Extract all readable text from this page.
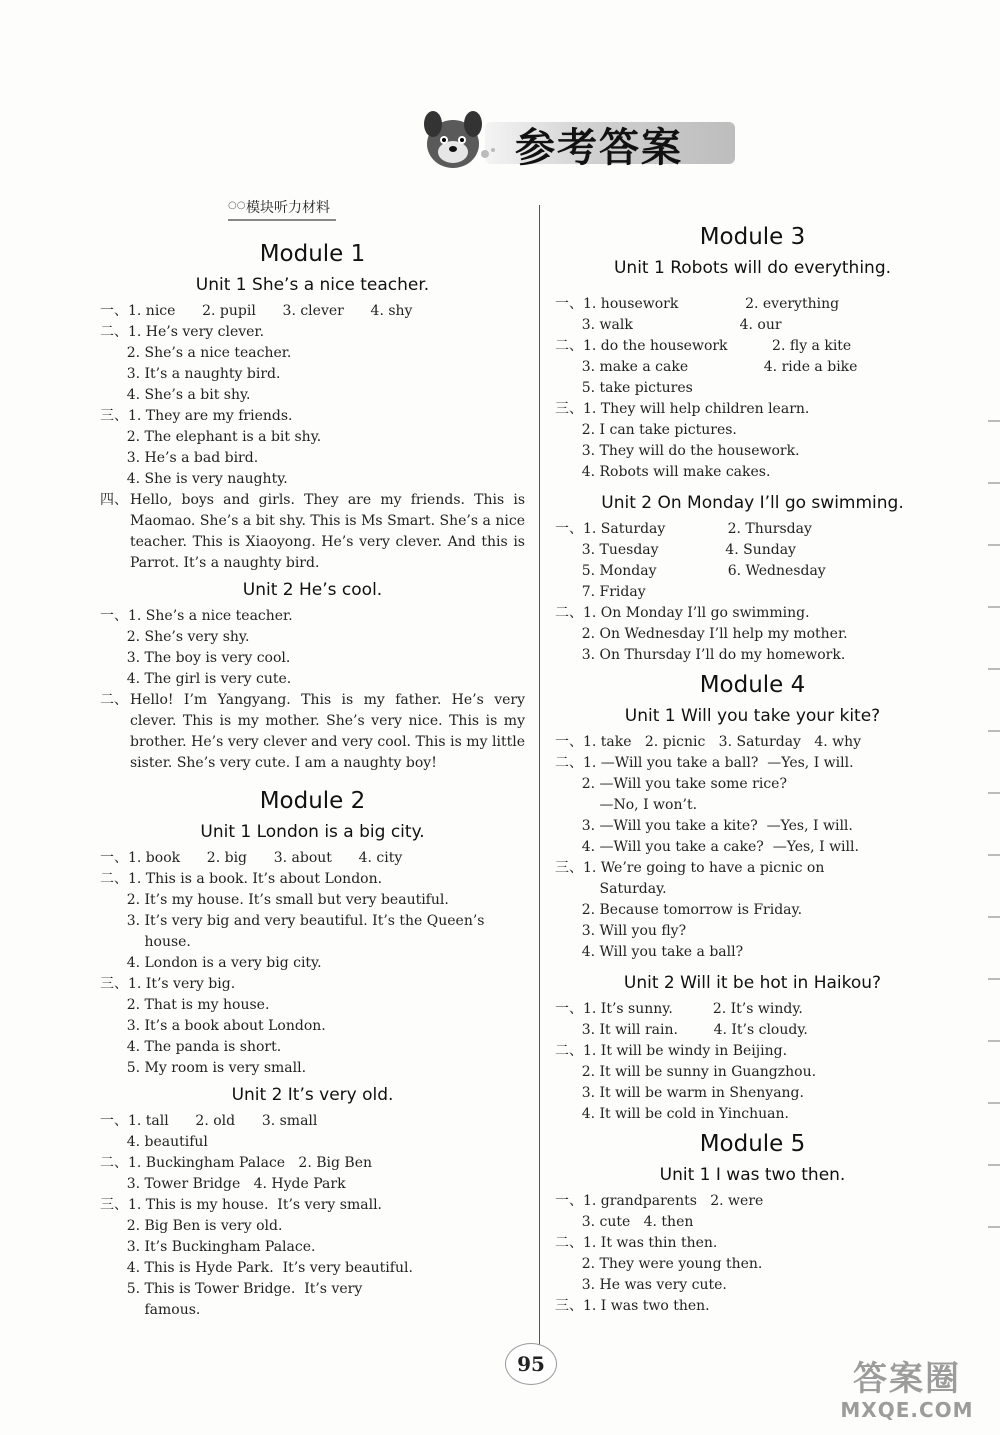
参考答案
○○ 模块听力材料
Module 1
Unit 1 She’s a nice teacher.

一、1. nice      2. pupil      3. clever      4. shy

二、1. He’s very clever.

2. She’s a nice teacher.

3. It’s a naughty bird.

4. She’s a bit shy.

三、1. They are my friends.

2. The elephant is a bit shy.

3. He’s a bad bird.

4. She is very naughty.

四、 Hello, boys and girls. They are my friends. This is Maomao. She’s a bit shy. This is Ms Smart. She’s a nice teacher. This is Xiaoyong. He’s very clever. And this is Parrot. It’s a naughty bird.

Unit 2 He’s cool.

一、1. She’s a nice teacher.

2. She’s very shy.

3. The boy is very cool.

4. The girl is very cute.

二、 Hello! I’m Yangyang. This is my father. He’s very clever. This is my mother. She’s very nice. This is my brother. He’s very clever and very cool. This is my little sister. She’s very cute. I am a naughty boy!

Module 2
Unit 1 London is a big city.

一、1. book      2. big      3. about      4. city

二、1. This is a book. It’s about London.

2. It’s my house. It’s small but very beautiful.

3. It’s very big and very beautiful. It’s the Queen’s

house.

4. London is a very big city.

三、1. It’s very big.

2. That is my house.

3. It’s a book about London.

4. The panda is short.

5. My room is very small.

Unit 2 It’s very old.

一、1. tall      2. old      3. small

4. beautiful

二、1. Buckingham Palace   2. Big Ben

3. Tower Bridge   4. Hyde Park

三、1. This is my house.  It’s very small.

2. Big Ben is very old.

3. It’s Buckingham Palace.

4. This is Hyde Park.  It’s very beautiful.

5. This is Tower Bridge.  It’s very

famous.

Module 3
Unit 1 Robots will do everything.

一、1. housework               2. everything

3. walk                        4. our

二、1. do the housework          2. fly a kite

3. make a cake                 4. ride a bike

5. take pictures

三、1. They will help children learn.

2. I can take pictures.

3. They will do the housework.

4. Robots will make cakes.

Unit 2 On Monday I’ll go swimming.

一、1. Saturday              2. Thursday

3. Tuesday               4. Sunday

5. Monday                6. Wednesday

7. Friday

二、1. On Monday I’ll go swimming.

2. On Wednesday I’ll help my mother.

3. On Thursday I’ll do my homework.

Module 4
Unit 1 Will you take your kite?

一、1. take   2. picnic   3. Saturday   4. why

二、1. —Will you take a ball?  —Yes, I will.

2. —Will you take some rice?

—No, I won’t.

3. —Will you take a kite?  —Yes, I will.

4. —Will you take a cake?  —Yes, I will.

三、1. We’re going to have a picnic on

Saturday.

2. Because tomorrow is Friday.

3. Will you fly?

4. Will you take a ball?

Unit 2 Will it be hot in Haikou?

一、1. It’s sunny.         2. It’s windy.

3. It will rain.        4. It’s cloudy.

二、1. It will be windy in Beijing.

2. It will be sunny in Guangzhou.

3. It will be warm in Shenyang.

4. It will be cold in Yinchuan.

Module 5
Unit 1 I was two then.

一、1. grandparents   2. were

3. cute   4. then

二、1. It was thin then.

2. They were young then.

3. He was very cute.

三、1. I was two then.

95	答案圈
MXQE.COM
